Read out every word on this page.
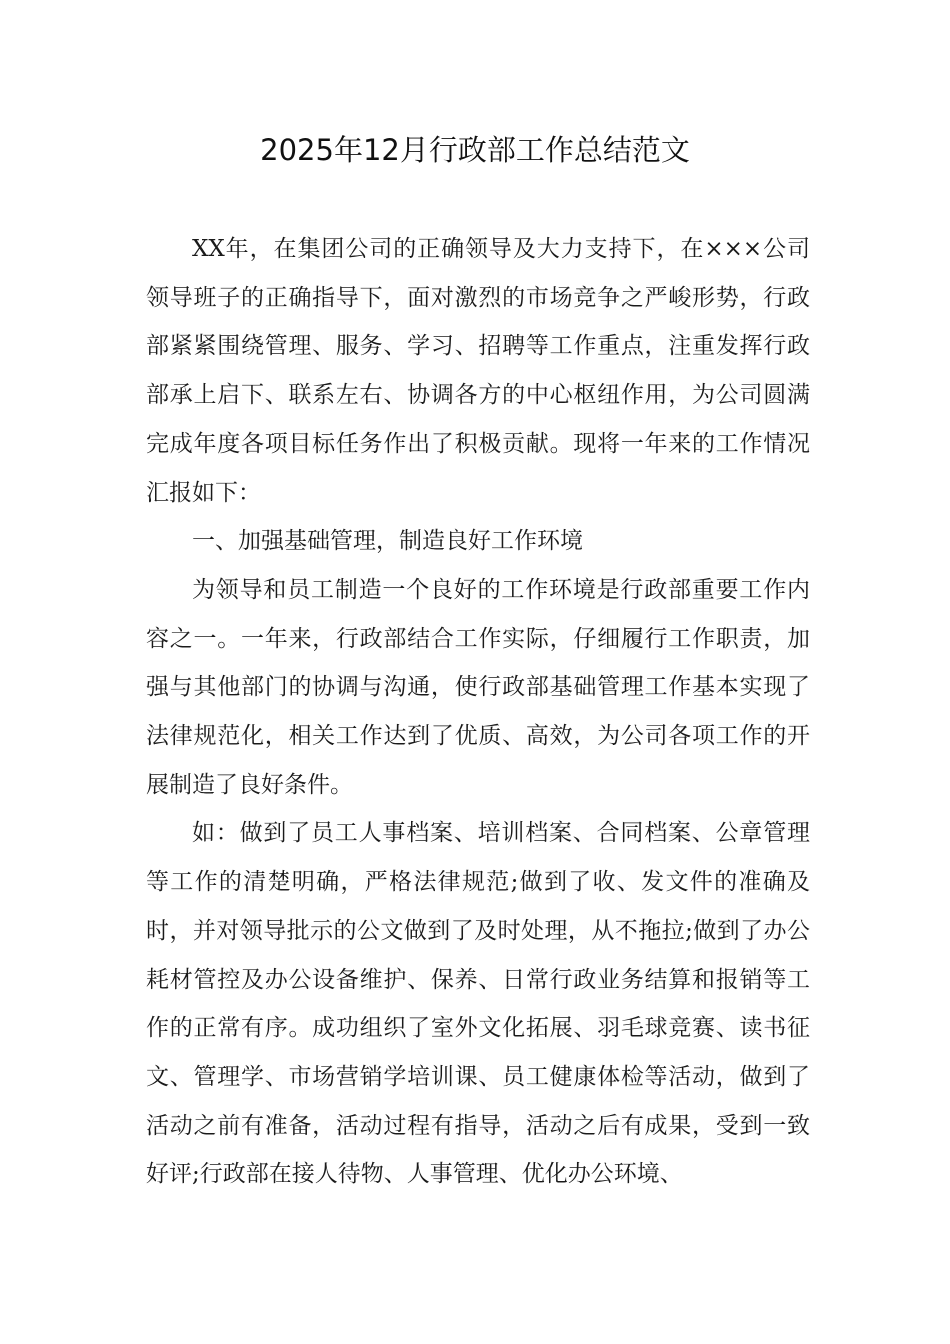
2025年12月行政部工作总结范文

XX年，在集团公司的正确领导及大力支持下，在×××公司领导班子的正确指导下，面对激烈的市场竞争之严峻形势，行政部紧紧围绕管理、服务、学习、招聘等工作重点，注重发挥行政部承上启下、联系左右、协调各方的中心枢纽作用，为公司圆满完成年度各项目标任务作出了积极贡献。现将一年来的工作情况汇报如下：

一、加强基础管理，制造良好工作环境

为领导和员工制造一个良好的工作环境是行政部重要工作内容之一。一年来，行政部结合工作实际，仔细履行工作职责，加强与其他部门的协调与沟通，使行政部基础管理工作基本实现了法律规范化，相关工作达到了优质、高效，为公司各项工作的开展制造了良好条件。

如：做到了员工人事档案、培训档案、合同档案、公章管理等工作的清楚明确，严格法律规范;做到了收、发文件的准确及时，并对领导批示的公文做到了及时处理，从不拖拉;做到了办公耗材管控及办公设备维护、保养、日常行政业务结算和报销等工作的正常有序。成功组织了室外文化拓展、羽毛球竞赛、读书征文、管理学、市场营销学培训课、员工健康体检等活动，做到了活动之前有准备，活动过程有指导，活动之后有成果，受到一致好评;行政部在接人待物、人事管理、优化办公环境、
